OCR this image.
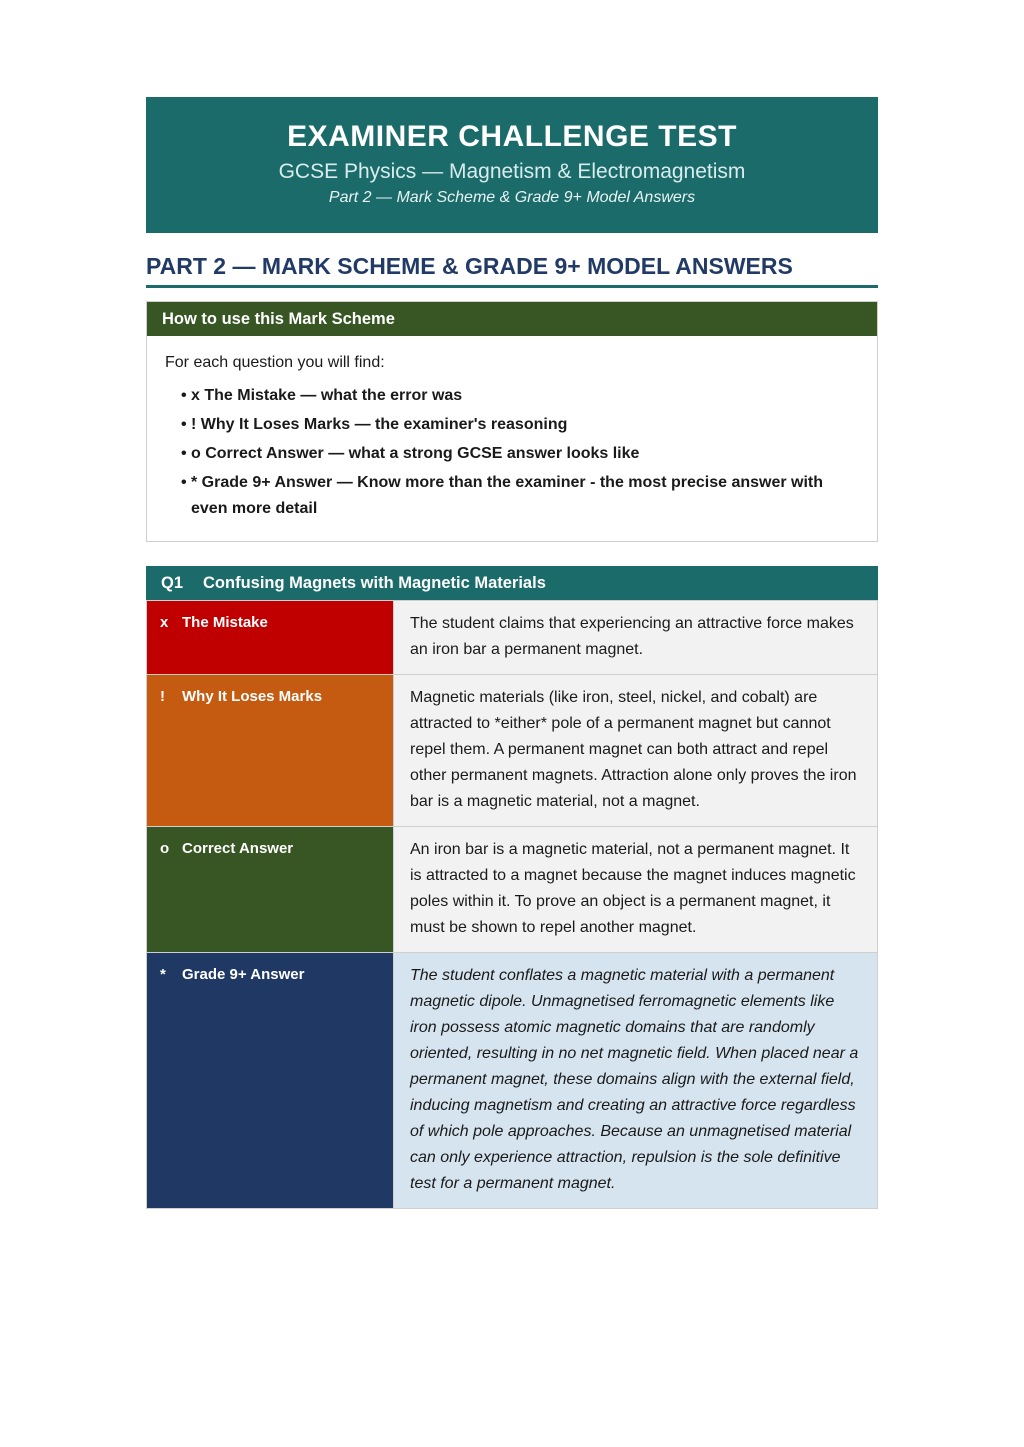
EXAMINER CHALLENGE TEST
GCSE Physics — Magnetism & Electromagnetism
Part 2 — Mark Scheme & Grade 9+ Model Answers
PART 2 — MARK SCHEME & GRADE 9+ MODEL ANSWERS
How to use this Mark Scheme
For each question you will find:
• x The Mistake — what the error was
• ! Why It Loses Marks — the examiner's reasoning
• o Correct Answer — what a strong GCSE answer looks like
• * Grade 9+ Answer — Know more than the examiner - the most precise answer with even more detail
Q1 Confusing Magnets with Magnetic Materials
x The Mistake	The student claims that experiencing an attractive force makes an iron bar a permanent magnet.
! Why It Loses Marks	Magnetic materials (like iron, steel, nickel, and cobalt) are attracted to *either* pole of a permanent magnet but cannot repel them. A permanent magnet can both attract and repel other permanent magnets. Attraction alone only proves the iron bar is a magnetic material, not a magnet.
o Correct Answer	An iron bar is a magnetic material, not a permanent magnet. It is attracted to a magnet because the magnet induces magnetic poles within it. To prove an object is a permanent magnet, it must be shown to repel another magnet.
* Grade 9+ Answer	The student conflates a magnetic material with a permanent magnetic dipole. Unmagnetised ferromagnetic elements like iron possess atomic magnetic domains that are randomly oriented, resulting in no net magnetic field. When placed near a permanent magnet, these domains align with the external field, inducing magnetism and creating an attractive force regardless of which pole approaches. Because an unmagnetised material can only experience attraction, repulsion is the sole definitive test for a permanent magnet.
